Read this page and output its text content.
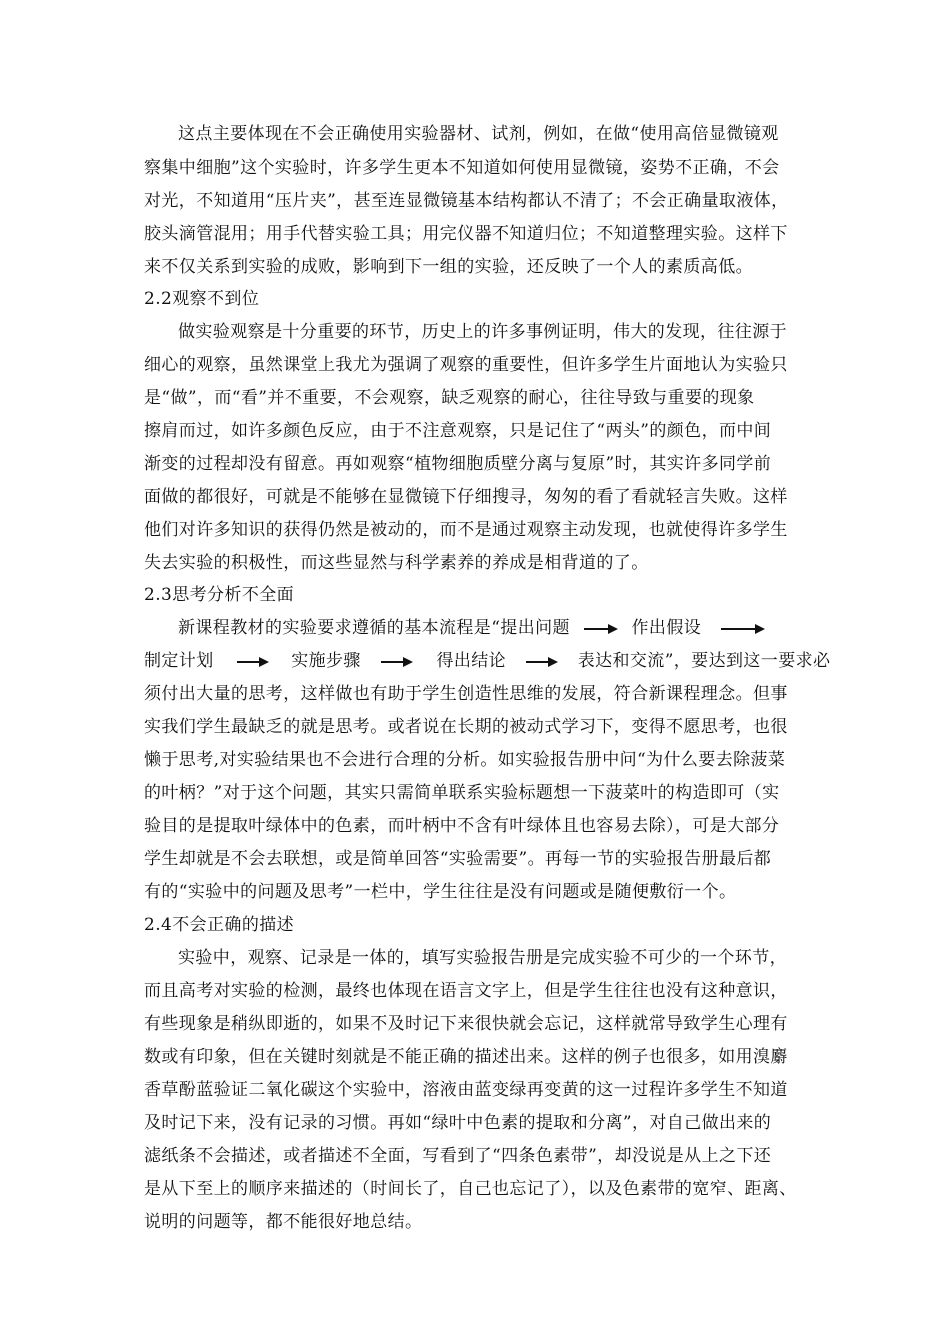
这点主要体现在不会正确使用实验器材、试剂，例如，在做“使用高倍显微镜观
察集中细胞”这个实验时，许多学生更本不知道如何使用显微镜，姿势不正确，不会
对光，不知道用“压片夹”，甚至连显微镜基本结构都认不清了；不会正确量取液体，
胶头滴管混用；用手代替实验工具；用完仪器不知道归位；不知道整理实验。这样下
来不仅关系到实验的成败，影响到下一组的实验，还反映了一个人的素质高低。
2.2观察不到位
做实验观察是十分重要的环节，历史上的许多事例证明，伟大的发现，往往源于
细心的观察，虽然课堂上我尤为强调了观察的重要性，但许多学生片面地认为实验只
是“做”，而“看”并不重要，不会观察，缺乏观察的耐心，往往导致与重要的现象
擦肩而过，如许多颜色反应，由于不注意观察，只是记住了“两头”的颜色，而中间
渐变的过程却没有留意。再如观察“植物细胞质壁分离与复原”时，其实许多同学前
面做的都很好，可就是不能够在显微镜下仔细搜寻，匆匆的看了看就轻言失败。这样
他们对许多知识的获得仍然是被动的，而不是通过观察主动发现，也就使得许多学生
失去实验的积极性，而这些显然与科学素养的养成是相背道的了。
2.3思考分析不全面
新课程教材的实验要求遵循的基本流程是“提出问题	作出假设
制定计划	实施步骤	得出结论	表达和交流”，要达到这一要求必
须付出大量的思考，这样做也有助于学生创造性思维的发展，符合新课程理念。但事
实我们学生最缺乏的就是思考。或者说在长期的被动式学习下，变得不愿思考，也很
懒于思考,对实验结果也不会进行合理的分析。如实验报告册中问“为什么要去除菠菜
的叶柄？”对于这个问题，其实只需简单联系实验标题想一下菠菜叶的构造即可（实
验目的是提取叶绿体中的色素，而叶柄中不含有叶绿体且也容易去除），可是大部分
学生却就是不会去联想，或是简单回答“实验需要”。再每一节的实验报告册最后都
有的“实验中的问题及思考”一栏中，学生往往是没有问题或是随便敷衍一个。
2.4不会正确的描述
实验中，观察、记录是一体的，填写实验报告册是完成实验不可少的一个环节，
而且高考对实验的检测，最终也体现在语言文字上，但是学生往往也没有这种意识，
有些现象是稍纵即逝的，如果不及时记下来很快就会忘记，这样就常导致学生心理有
数或有印象，但在关键时刻就是不能正确的描述出来。这样的例子也很多，如用溴麝
香草酚蓝验证二氧化碳这个实验中，溶液由蓝变绿再变黄的这一过程许多学生不知道
及时记下来，没有记录的习惯。再如“绿叶中色素的提取和分离”，对自己做出来的
滤纸条不会描述，或者描述不全面，写看到了“四条色素带”，却没说是从上之下还
是从下至上的顺序来描述的（时间长了，自己也忘记了），以及色素带的宽窄、距离、
说明的问题等，都不能很好地总结。
